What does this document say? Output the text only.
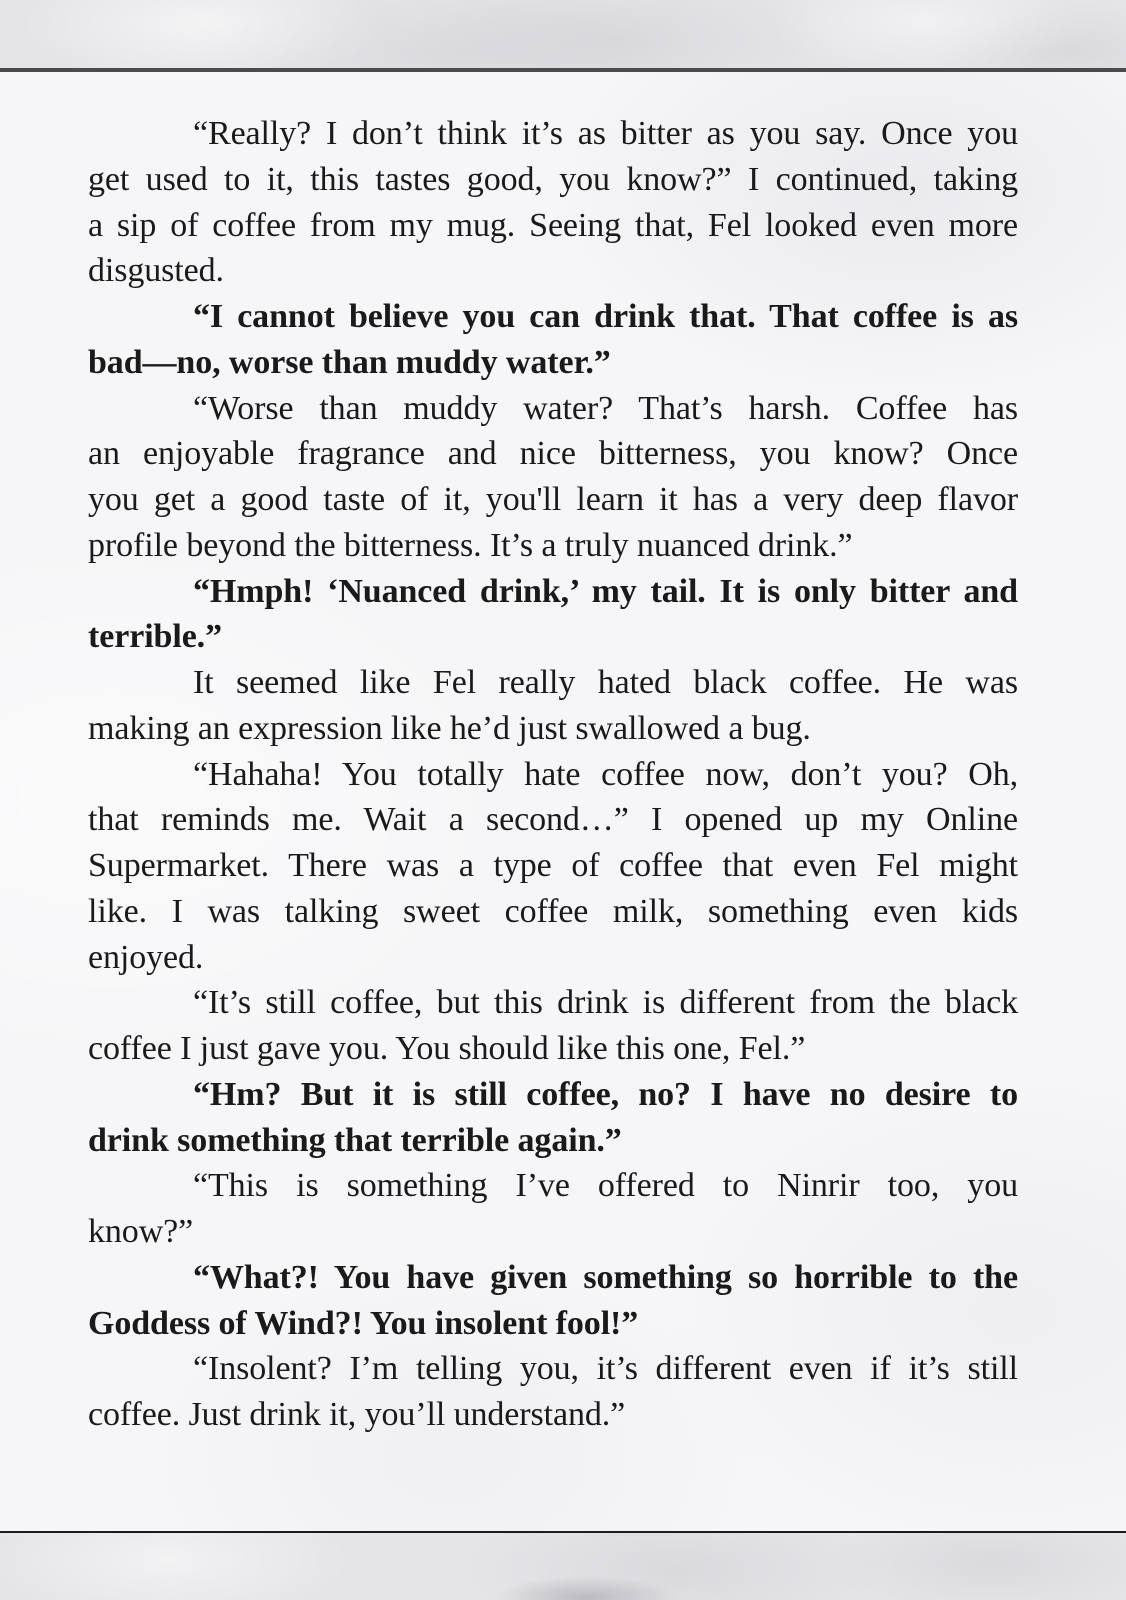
“Really? I don’t think it’s as bitter as you say. Once you
get used to it, this tastes good, you know?” I continued, taking
a sip of coffee from my mug. Seeing that, Fel looked even more
disgusted.
“I cannot believe you can drink that. That coffee is as
bad—no, worse than muddy water.”
“Worse than muddy water? That’s harsh. Coffee has
an enjoyable fragrance and nice bitterness, you know? Once
you get a good taste of it, you'll learn it has a very deep flavor
profile beyond the bitterness. It’s a truly nuanced drink.”
“Hmph! ‘Nuanced drink,’ my tail. It is only bitter and
terrible.”
It seemed like Fel really hated black coffee. He was
making an expression like he’d just swallowed a bug.
“Hahaha! You totally hate coffee now, don’t you? Oh,
that reminds me. Wait a second…” I opened up my Online
Supermarket. There was a type of coffee that even Fel might
like. I was talking sweet coffee milk, something even kids
enjoyed.
“It’s still coffee, but this drink is different from the black
coffee I just gave you. You should like this one, Fel.”
“Hm? But it is still coffee, no? I have no desire to
drink something that terrible again.”
“This is something I’ve offered to Ninrir too, you
know?”
“What?! You have given something so horrible to the
Goddess of Wind?! You insolent fool!”
“Insolent? I’m telling you, it’s different even if it’s still
coffee. Just drink it, you’ll understand.”
